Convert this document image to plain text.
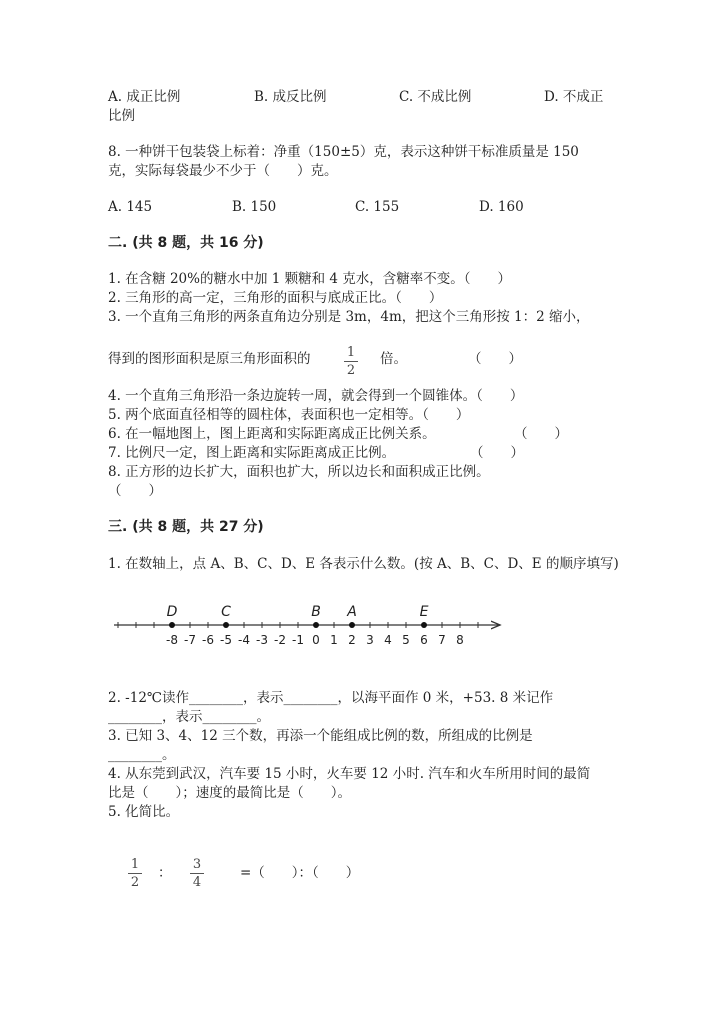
A. 成正比例	B. 成反比例	C. 不成比例	D. 不成正
比例
8. 一种饼干包装袋上标着：净重（150±5）克，表示这种饼干标准质量是 150
克，实际每袋最少不少于（　　）克。
A. 145	B. 150	C. 155	D. 160
二. (共 8 题，共 16 分)
1. 在含糖 20%的糖水中加 1 颗糖和 4 克水，含糖率不变。（　　）
2. 三角形的高一定，三角形的面积与底成正比。（　　）
3. 一个直角三角形的两条直角边分别是 3m，4m，把这个三角形按 1：2 缩小，
得到的图形面积是原三角形面积的	1
2
倍。	（　　）
4. 一个直角三角形沿一条边旋转一周，就会得到一个圆锥体。（　　）
5. 两个底面直径相等的圆柱体，表面积也一定相等。（　　）
6. 在一幅地图上，图上距离和实际距离成正比例关系。	（　　）
7. 比例尺一定，图上距离和实际距离成正比例。	（　　）
8. 正方形的边长扩大，面积也扩大，所以边长和面积成正比例。
（　　）
三. (共 8 题，共 27 分)
1. 在数轴上，点 A、B、C、D、E 各表示什么数。(按 A、B、C、D、E 的顺序填写)
-8 -7 -6 -5 -4 -3 -2 -1 0 1 2 3 4 5 6 7 8
D	C	B A	E
2. -12℃读作________，表示________，以海平面作 0 米，+53. 8 米记作
________，表示________。
3. 已知 3、4、12 三个数，再添一个能组成比例的数，所组成的比例是
________。
4. 从东莞到武汉，汽车要 15 小时，火车要 12 小时. 汽车和火车所用时间的最简
比是（　　）；速度的最简比是（　　）。
5. 化简比。
1
2
：
3
4
=（　　）：（　　）
